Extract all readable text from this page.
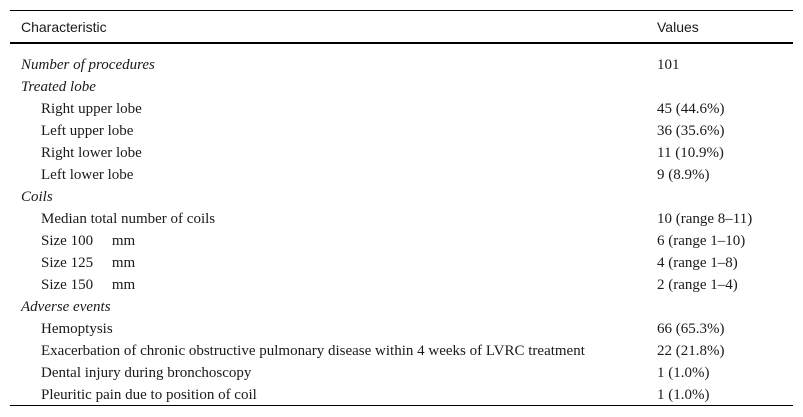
Characteristic	Values
Number of procedures	101
Treated lobe
Right upper lobe	45 (44.6%)
Left upper lobe	36 (35.6%)
Right lower lobe	11 (10.9%)
Left lower lobe	9 (8.9%)
Coils
Median total number of coils	10 (range 8–11)
Size 100     mm	6 (range 1–10)
Size 125     mm	4 (range 1–8)
Size 150     mm	2 (range 1–4)
Adverse events
Hemoptysis	66 (65.3%)
Exacerbation of chronic obstructive pulmonary disease within 4 weeks of LVRC treatment	22 (21.8%)
Dental injury during bronchoscopy	1 (1.0%)
Pleuritic pain due to position of coil	1 (1.0%)
